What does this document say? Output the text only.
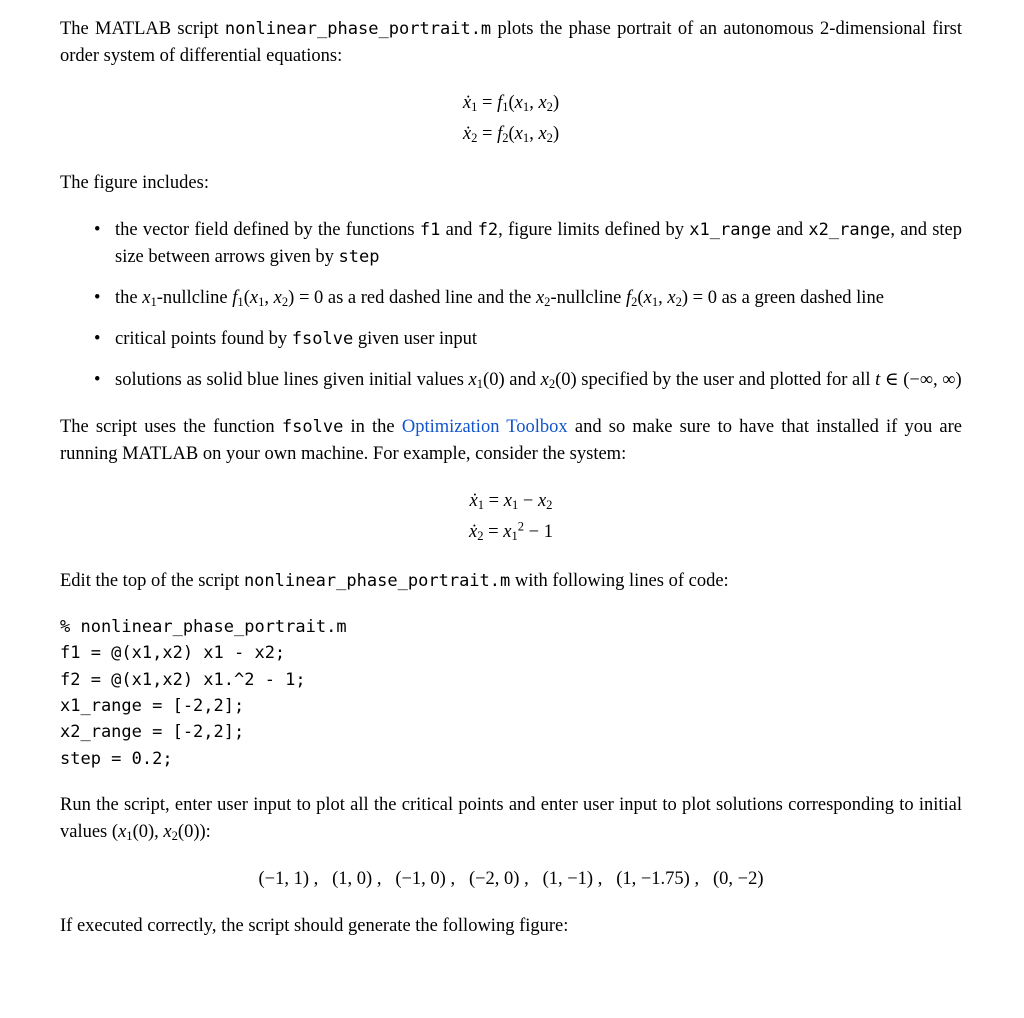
The MATLAB script nonlinear_phase_portrait.m plots the phase portrait of an autonomous 2-dimensional first order system of differential equations:

ẋ$_1$ = $f_1(x_1$, $x_2$)
ẋ$_2$ = $f_2(x_1$, $x_2$)

The figure includes:

• the vector field defined by the functions f1 and f2, figure limits defined by x1_range and x2_range, and step size between arrows given by step
• the $x_1$-nullcline $f_1(x_1$, $x_2) = 0$ as a red dashed line and the $x_2$-nullcline $f_2(x_1$, $x_2) = 0$ as a green dashed line
• critical points found by fsolve given user input
• solutions as solid blue lines given initial values $x_1(0)$ and $x_2(0)$ specified by the user and plotted for all t ∈ (−∞, ∞)

The script uses the function fsolve in the Optimization Toolbox and so make sure to have that installed if you are running MATLAB on your own machine. For example, consider the system:

ẋ$_1$ = $x_1 - x_2$
ẋ$_2$ = $x_1^2 - 1$

Edit the top of the script nonlinear_phase_portrait.m with following lines of code:

% nonlinear_phase_portrait.m
f1 = @(x1,x2) x1 - x2;
f2 = @(x1,x2) x1.^2 - 1;
x1_range = [-2,2];
x2_range = [-2,2];
step = 0.2;

Run the script, enter user input to plot all the critical points and enter user input to plot solutions corresponding to initial values ($x_1(0)$, $x_2(0)$):

(−1, 1) ,   (1, 0) ,   (−1, 0) ,   (−2, 0) ,   (1, −1) ,   (1, −1.75) ,   (0, −2)

If executed correctly, the script should generate the following figure:
